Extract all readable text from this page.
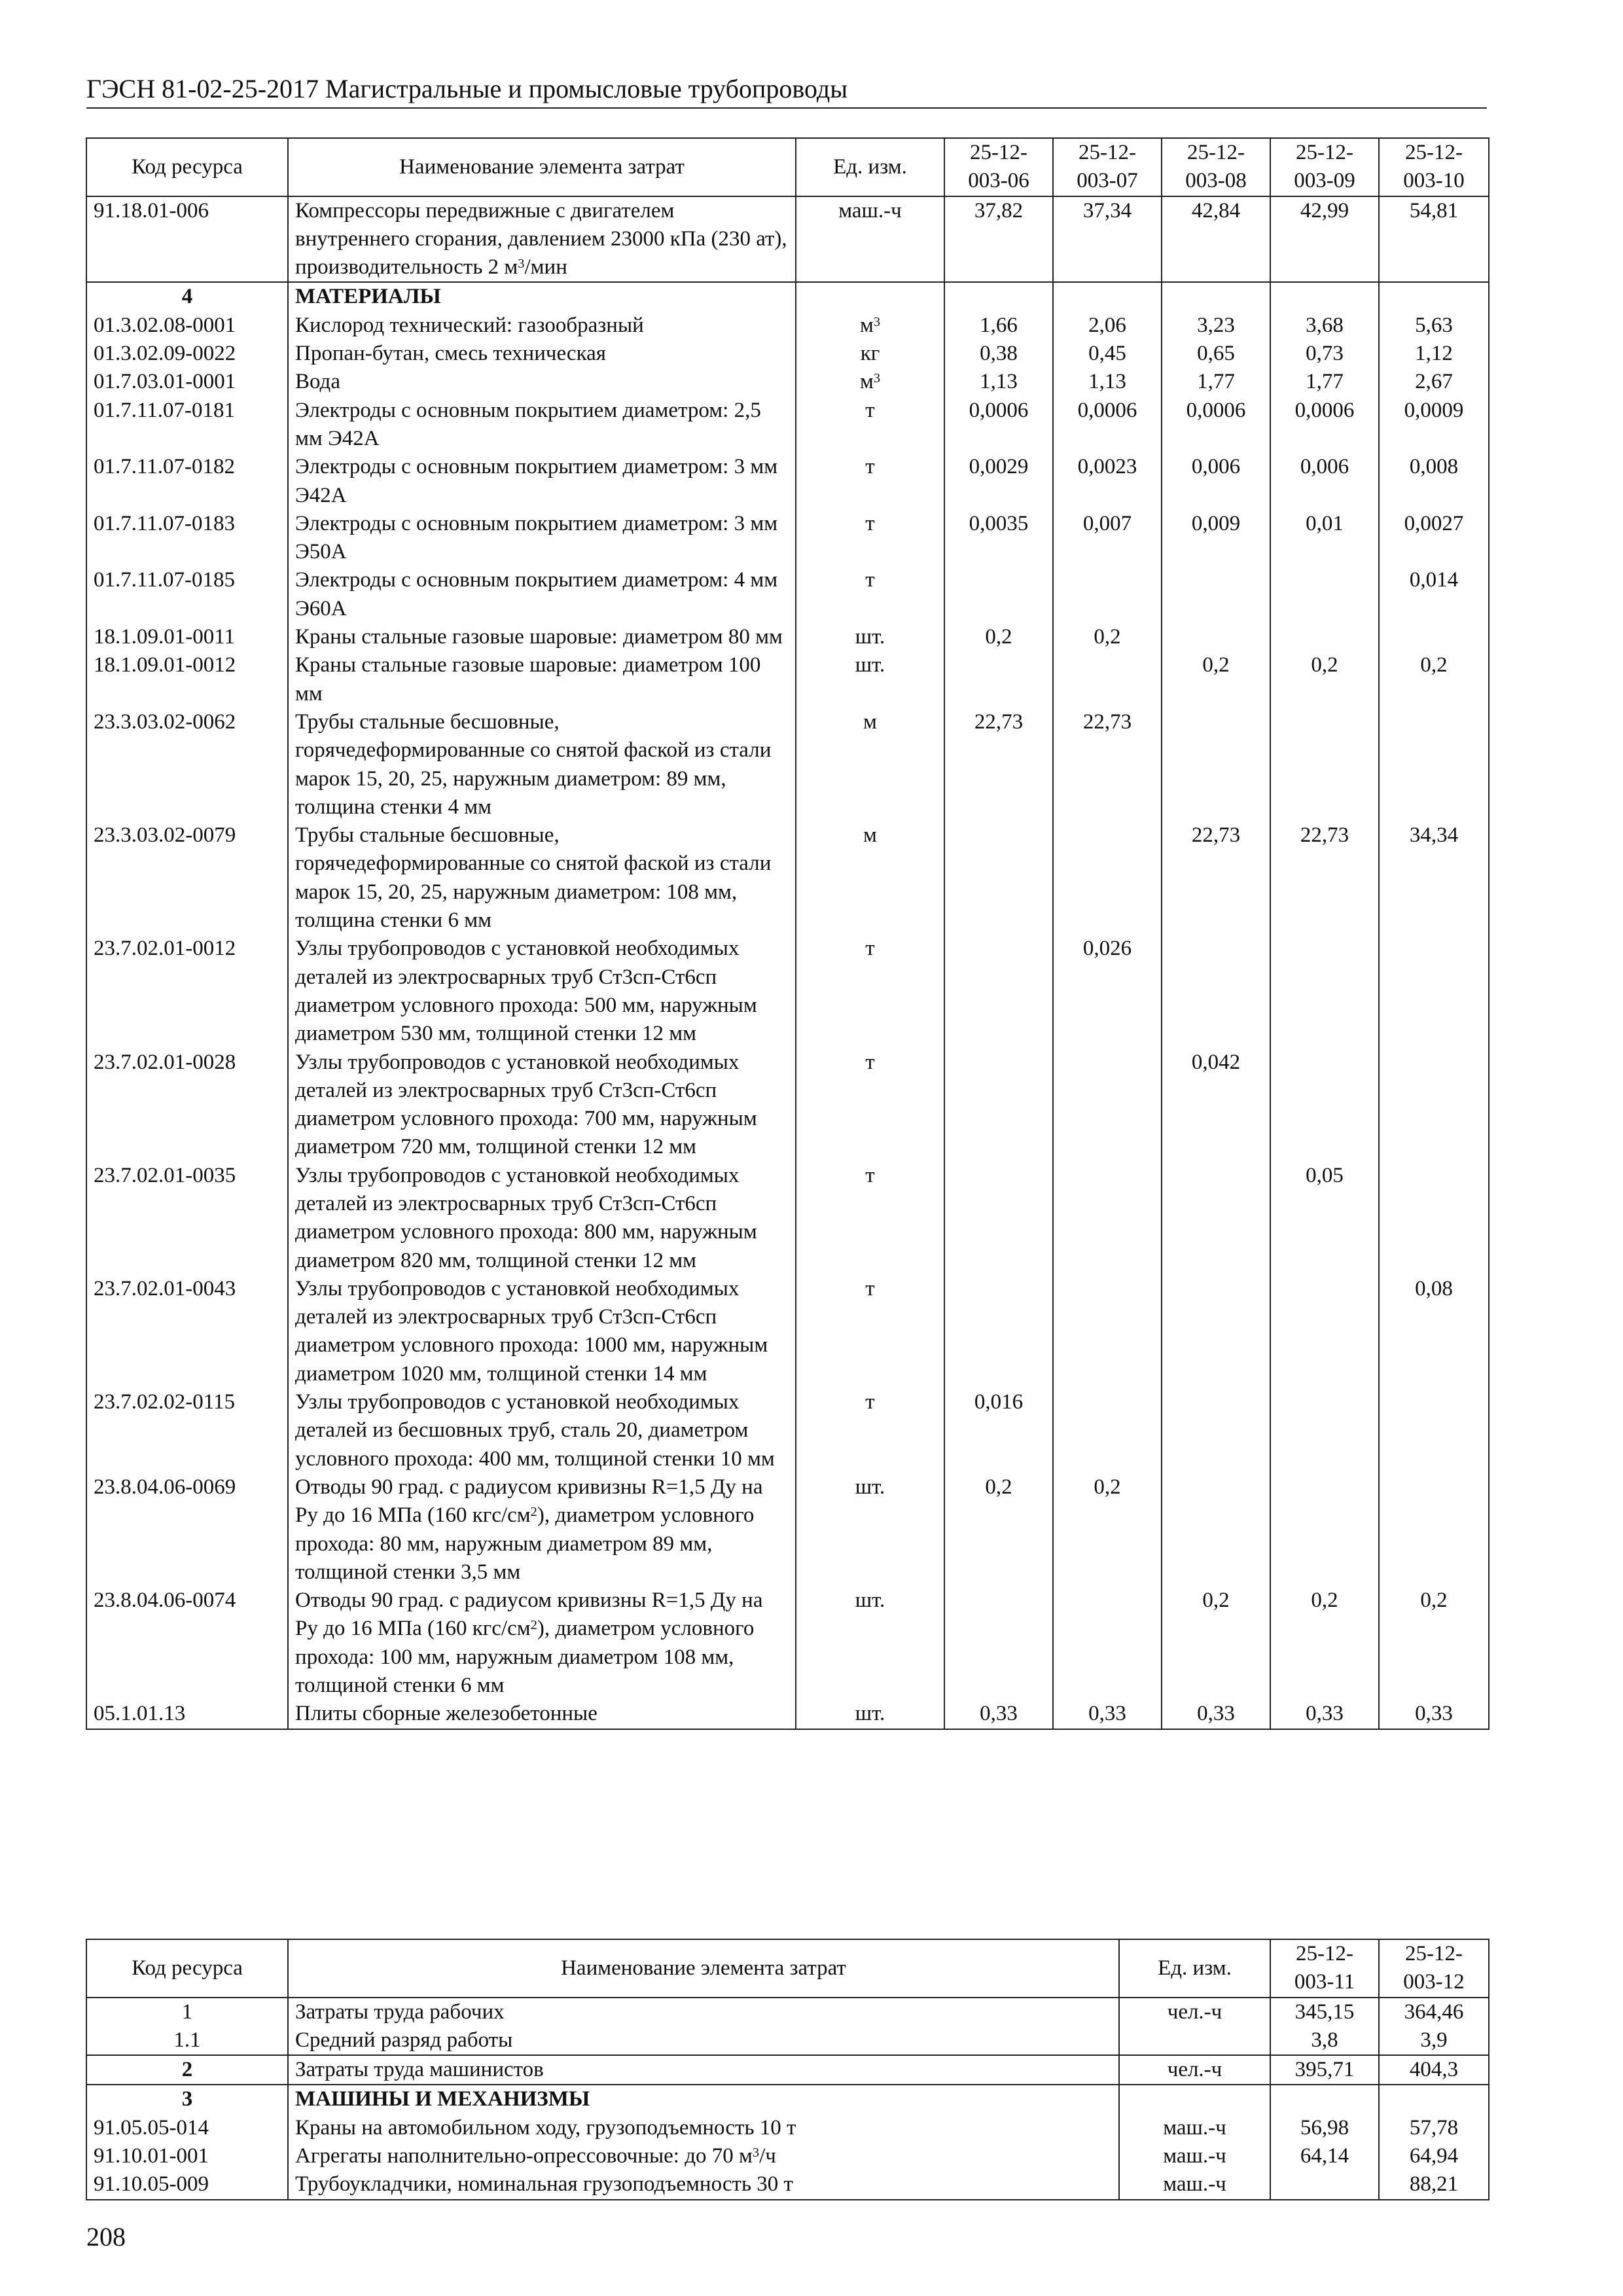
ГЭСН 81-02-25-2017 Магистральные и промысловые трубопроводы
Код ресурса	Наименование элемента затрат	Ед. изм.	25-12-003-06	25-12-003-07	25-12-003-08	25-12-003-09	25-12-003-10
91.18.01-006	Компрессоры передвижные с двигателем внутреннего сгорания, давлением 23000 кПа (230 ат), производительность 2 $м^3$/мин	маш.-ч	37,82	37,34	42,84	42,99	54,81
4	МАТЕРИАЛЫ						
01.3.02.08-0001	Кислород технический: газообразный	$м^3$	1,66	2,06	3,23	3,68	5,63
01.3.02.09-0022	Пропан-бутан, смесь техническая	кг	0,38	0,45	0,65	0,73	1,12
01.7.03.01-0001	Вода	$м^3$	1,13	1,13	1,77	1,77	2,67
01.7.11.07-0181	Электроды с основным покрытием диаметром: 2,5 мм Э42А	т	0,0006	0,0006	0,0006	0,0006	0,0009
01.7.11.07-0182	Электроды с основным покрытием диаметром: 3 мм Э42А	т	0,0029	0,0023	0,006	0,006	0,008
01.7.11.07-0183	Электроды с основным покрытием диаметром: 3 мм Э50А	т	0,0035	0,007	0,009	0,01	0,0027
01.7.11.07-0185	Электроды с основным покрытием диаметром: 4 мм Э60А	т					0,014
18.1.09.01-0011	Краны стальные газовые шаровые: диаметром 80 мм	шт.	0,2	0,2			
18.1.09.01-0012	Краны стальные газовые шаровые: диаметром 100 мм	шт.			0,2	0,2	0,2
23.3.03.02-0062	Трубы стальные бесшовные, горячедеформированные со снятой фаской из стали марок 15, 20, 25, наружным диаметром: 89 мм, толщина стенки 4 мм	м	22,73	22,73			
23.3.03.02-0079	Трубы стальные бесшовные, горячедеформированные со снятой фаской из стали марок 15, 20, 25, наружным диаметром: 108 мм, толщина стенки 6 мм	м			22,73	22,73	34,34
23.7.02.01-0012	Узлы трубопроводов с установкой необходимых деталей из электросварных труб Ст3сп-Ст6сп диаметром условного прохода: 500 мм, наружным диаметром 530 мм, толщиной стенки 12 мм	т		0,026			
23.7.02.01-0028	Узлы трубопроводов с установкой необходимых деталей из электросварных труб Ст3сп-Ст6сп диаметром условного прохода: 700 мм, наружным диаметром 720 мм, толщиной стенки 12 мм	т			0,042		
23.7.02.01-0035	Узлы трубопроводов с установкой необходимых деталей из электросварных труб Ст3сп-Ст6сп диаметром условного прохода: 800 мм, наружным диаметром 820 мм, толщиной стенки 12 мм	т				0,05	
23.7.02.01-0043	Узлы трубопроводов с установкой необходимых деталей из электросварных труб Ст3сп-Ст6сп диаметром условного прохода: 1000 мм, наружным диаметром 1020 мм, толщиной стенки 14 мм	т					0,08
23.7.02.02-0115	Узлы трубопроводов с установкой необходимых деталей из бесшовных труб, сталь 20, диаметром условного прохода: 400 мм, толщиной стенки 10 мм	т	0,016				
23.8.04.06-0069	Отводы 90 град. с радиусом кривизны R=1,5 Ду на Ру до 16 МПа (160 кгс/$см^2$), диаметром условного прохода: 80 мм, наружным диаметром 89 мм, толщиной стенки 3,5 мм	шт.	0,2	0,2			
23.8.04.06-0074	Отводы 90 град. с радиусом кривизны R=1,5 Ду на Ру до 16 МПа (160 кгс/$см^2$), диаметром условного прохода: 100 мм, наружным диаметром 108 мм, толщиной стенки 6 мм	шт.			0,2	0,2	0,2
05.1.01.13	Плиты сборные железобетонные	шт.	0,33	0,33	0,33	0,33	0,33
Код ресурса	Наименование элемента затрат	Ед. изм.	25-12-003-11	25-12-003-12
1	Затраты труда рабочих	чел.-ч	345,15	364,46
1.1	Средний разряд работы		3,8	3,9
2	Затраты труда машинистов	чел.-ч	395,71	404,3
3	МАШИНЫ И МЕХАНИЗМЫ			
91.05.05-014	Краны на автомобильном ходу, грузоподъемность 10 т	маш.-ч	56,98	57,78
91.10.01-001	Агрегаты наполнительно-опрессовочные: до 70 $м^3/ч$	маш.-ч	64,14	64,94
91.10.05-009	Трубоукладчики, номинальная грузоподъемность 30 т	маш.-ч		88,21
208
